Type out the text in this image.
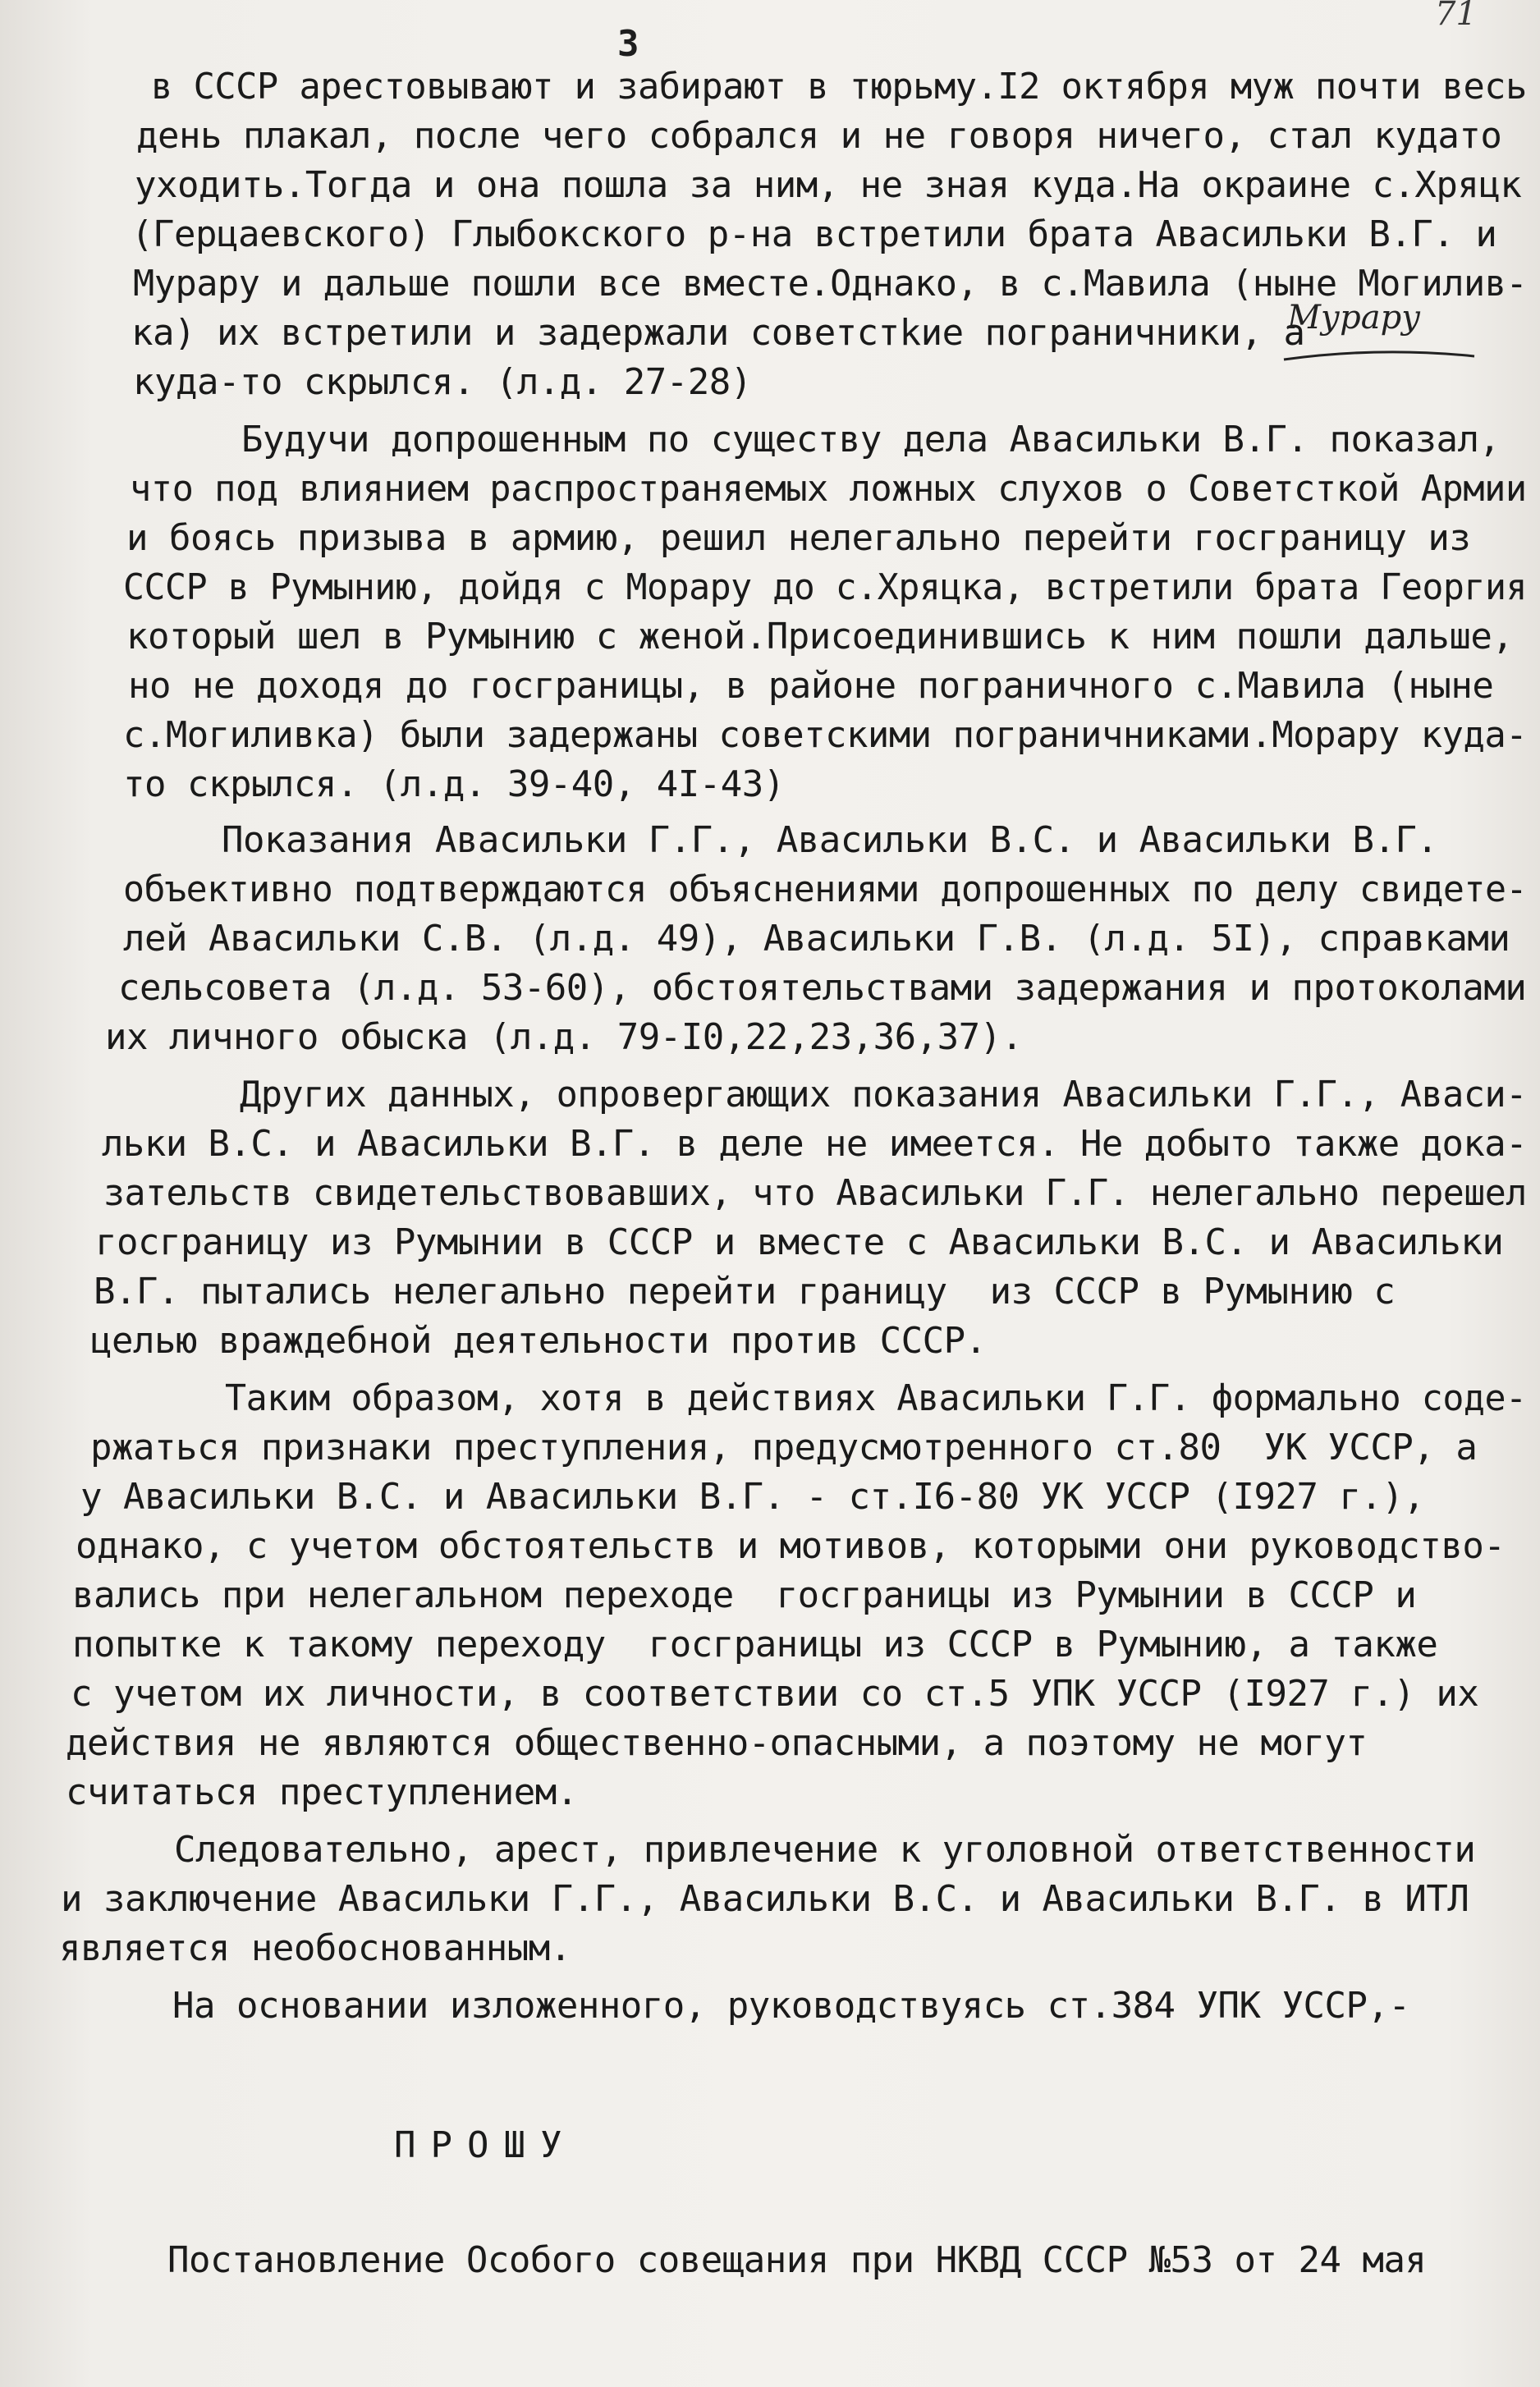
3
71
в СССР арестовывают и забирают в тюрьму.I2 октября муж почти весь
день плакал, после чего собрался и не говоря ничего, стал кудато
уходить.Тогда и она пошла за ним, не зная куда.На окраине с.Хряцк
(Герцаевского) Глыбокского р-на встретили брата Авасильки В.Г. и
Мурару и дальше пошли все вместе.Однако, в с.Мавила (ныне Могилив-
ка) их встретили и задержали советстkие пограничники, а
куда-то скрылся. (л.д. 27-28)
Будучи допрошенным по существу дела Авасильки В.Г. показал,
что под влиянием распространяемых ложных слухов о Советсткой Армии
и боясь призыва в армию, решил нелегально перейти госграницу из
СССР в Румынию, дойдя с Морару до с.Хряцка, встретили брата Георгия
который шел в Румынию с женой.Присоединившись к ним пошли дальше,
но не доходя до госграницы, в районе пограничного с.Мавила (ныне
с.Могиливка) были задержаны советскими пограничниками.Морару куда-
то скрылся. (л.д. 39-40, 4I-43)
Показания Авасильки Г.Г., Авасильки В.С. и Авасильки В.Г.
объективно подтверждаются объяснениями допрошенных по делу свидете-
лей Авасильки С.В. (л.д. 49), Авасильки Г.В. (л.д. 5I), справками
сельсовета (л.д. 53-60), обстоятельствами задержания и протоколами
их личного обыска (л.д. 79-I0,22,23,36,37).
Других данных, опровергающих показания Авасильки Г.Г., Аваси-
льки В.С. и Авасильки В.Г. в деле не имеется. Не добыто также дока-
зательств свидетельствовавших, что Авасильки Г.Г. нелегально перешел
госграницу из Румынии в СССР и вместе с Авасильки В.С. и Авасильки
В.Г. пытались нелегально перейти границу  из СССР в Румынию с
целью враждебной деятельности против СССР.
Таким образом, хотя в действиях Авасильки Г.Г. формально соде-
ржаться признаки преступления, предусмотренного ст.80  УК УССР, а
у Авасильки В.С. и Авасильки В.Г. - ст.I6-80 УК УССР (I927 г.),
однако, с учетом обстоятельств и мотивов, которыми они руководство-
вались при нелегальном переходе  госграницы из Румынии в СССР и
попытке к такому переходу  госграницы из СССР в Румынию, а также
с учетом их личности, в соответствии со ст.5 УПК УССР (I927 г.) их
действия не являются общественно-опасными, а поэтому не могут
считаться преступлением.
Следовательно, арест, привлечение к уголовной ответственности
и заключение Авасильки Г.Г., Авасильки В.С. и Авасильки В.Г. в ИТЛ
является необоснованным.
На основании изложенного, руководствуясь ст.384 УПК УССР,-
Постановление Особого совещания при НКВД СССР №53 от 24 мая
Мурару
ПРОШУ
